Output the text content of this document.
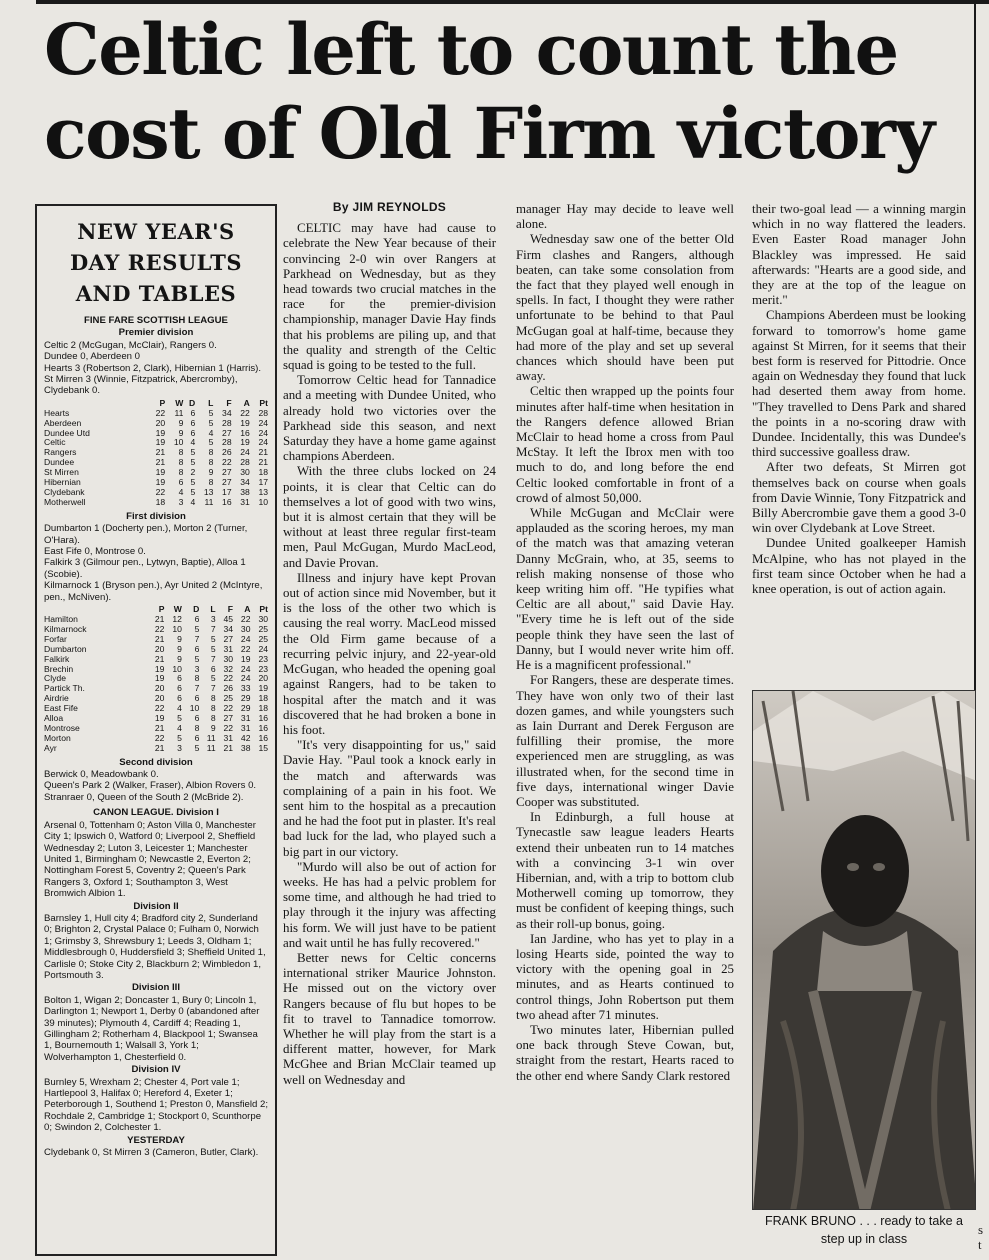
Celtic left to count the cost of Old Firm victory
NEW YEAR'S
DAY RESULTS
AND TABLES
FINE FARE SCOTTISH LEAGUE
Premier division

Celtic 2 (McGugan, McClair), Rangers 0.

Dundee 0, Aberdeen 0

Hearts 3 (Robertson 2, Clark), Hibernian 1 (Harris).

St Mirren 3 (Winnie, Fitzpatrick, Abercromby), Clydebank 0.

	P	W	D	L	F	A	Pt
Hearts	22	11	6	5	34	22	28
Aberdeen	20	9	6	5	28	19	24
Dundee Utd	19	9	6	4	27	16	24
Celtic	19	10	4	5	28	19	24
Rangers	21	8	5	8	26	24	21
Dundee	21	8	5	8	22	28	21
St Mirren	19	8	2	9	27	30	18
Hibernian	19	6	5	8	27	34	17
Clydebank	22	4	5	13	17	38	13
Motherwell	18	3	4	11	16	31	10
First division

Dumbarton 1 (Docherty pen.), Morton 2 (Turner, O'Hara).

East Fife 0, Montrose 0.

Falkirk 3 (Gilmour pen., Lytwyn, Baptie), Alloa 1 (Scobie).

Kilmarnock 1 (Bryson pen.), Ayr United 2 (McIntyre, pen., McNiven).

	P	W	D	L	F	A	Pt
Hamilton	21	12	6	3	45	22	30
Kilmarnock	22	10	5	7	34	30	25
Forfar	21	9	7	5	27	24	25
Dumbarton	20	9	6	5	31	22	24
Falkirk	21	9	5	7	30	19	23
Brechin	19	10	3	6	32	24	23
Clyde	19	6	8	5	22	24	20
Partick Th.	20	6	7	7	26	33	19
Airdrie	20	6	6	8	25	29	18
East Fife	22	4	10	8	22	29	18
Alloa	19	5	6	8	27	31	16
Montrose	21	4	8	9	22	31	16
Morton	22	5	6	11	31	42	16
Ayr	21	3	5	11	21	38	15
Second division

Berwick 0, Meadowbank 0.

Queen's Park 2 (Walker, Fraser), Albion Rovers 0.

Stranraer 0, Queen of the South 2 (McBride 2).

CANON LEAGUE. Division I

Arsenal 0, Tottenham 0; Aston Villa 0, Manchester City 1; Ipswich 0, Watford 0; Liverpool 2, Sheffield Wednesday 2; Luton 3, Leicester 1; Manchester United 1, Birmingham 0; Newcastle 2, Everton 2; Nottingham Forest 5, Coventry 2; Queen's Park Rangers 3, Oxford 1; Southampton 3, West Bromwich Albion 1.

Division II

Barnsley 1, Hull city 4; Bradford city 2, Sunderland 0; Brighton 2, Crystal Palace 0; Fulham 0, Norwich 1; Grimsby 3, Shrewsbury 1; Leeds 3, Oldham 1; Middlesbrough 0, Huddersfield 3; Sheffield United 1, Carlisle 0; Stoke City 2, Blackburn 2; Wimbledon 1, Portsmouth 3.

Division III

Bolton 1, Wigan 2; Doncaster 1, Bury 0; Lincoln 1, Darlington 1; Newport 1, Derby 0 (abandoned after 39 minutes); Plymouth 4, Cardiff 4; Reading 1, Gillingham 2; Rotherham 4, Blackpool 1; Swansea 1, Bournemouth 1; Walsall 3, York 1; Wolverhampton 1, Chesterfield 0.

Division IV

Burnley 5, Wrexham 2; Chester 4, Port vale 1; Hartlepool 3, Halifax 0; Hereford 4, Exeter 1; Peterborough 1, Southend 1; Preston 0, Mansfield 2; Rochdale 2, Cambridge 1; Stockport 0, Scunthorpe 0; Swindon 2, Colchester 1.

YESTERDAY

Clydebank 0, St Mirren 3 (Cameron, Butler, Clark).

By JIM REYNOLDS

CELTIC may have had cause to celebrate the New Year because of their convincing 2-0 win over Rangers at Parkhead on Wednesday, but as they head towards two crucial matches in the race for the premier-division championship, manager Davie Hay finds that his problems are piling up, and that the quality and strength of the Celtic squad is going to be tested to the full.

Tomorrow Celtic head for Tannadice and a meeting with Dundee United, who already hold two victories over the Parkhead side this season, and next Saturday they have a home game against champions Aberdeen.

With the three clubs locked on 24 points, it is clear that Celtic can do themselves a lot of good with two wins, but it is almost certain that they will be without at least three regular first-team men, Paul McGugan, Murdo MacLeod, and Davie Provan.

Illness and injury have kept Provan out of action since mid November, but it is the loss of the other two which is causing the real worry. MacLeod missed the Old Firm game because of a recurring pelvic injury, and 22-year-old McGugan, who headed the opening goal against Rangers, had to be taken to hospital after the match and it was discovered that he had broken a bone in his foot.

"It's very disappointing for us," said Davie Hay. "Paul took a knock early in the match and afterwards was complaining of a pain in his foot. We sent him to the hospital as a precaution and he had the foot put in plaster. It's real bad luck for the lad, who played such a big part in our victory.

"Murdo will also be out of action for weeks. He has had a pelvic problem for some time, and although he had tried to play through it the injury was affecting his form. We will just have to be patient and wait until he has fully recovered."

Better news for Celtic concerns international striker Maurice Johnston. He missed out on the victory over Rangers because of flu but hopes to be fit to travel to Tannadice tomorrow. Whether he will play from the start is a different matter, however, for Mark McGhee and Brian McClair teamed up well on Wednesday and

manager Hay may decide to leave well alone.

Wednesday saw one of the better Old Firm clashes and Rangers, although beaten, can take some consolation from the fact that they played well enough in spells. In fact, I thought they were rather unfortunate to be behind to that Paul McGugan goal at half-time, because they had more of the play and set up several chances which should have been put away.

Celtic then wrapped up the points four minutes after half-time when hesitation in the Rangers defence allowed Brian McClair to head home a cross from Paul McStay. It left the Ibrox men with too much to do, and long before the end Celtic looked comfortable in front of a crowd of almost 50,000.

While McGugan and McClair were applauded as the scoring heroes, my man of the match was that amazing veteran Danny McGrain, who, at 35, seems to relish making nonsense of those who keep writing him off. "He typifies what Celtic are all about," said Davie Hay. "Every time he is left out of the side people think they have seen the last of Danny, but I would never write him off. He is a magnificent professional."

For Rangers, these are desperate times. They have won only two of their last dozen games, and while youngsters such as Iain Durrant and Derek Ferguson are fulfilling their promise, the more experienced men are struggling, as was illustrated when, for the second time in five days, international winger Davie Cooper was substituted.

In Edinburgh, a full house at Tynecastle saw league leaders Hearts extend their unbeaten run to 14 matches with a convincing 3-1 win over Hibernian, and, with a trip to bottom club Motherwell coming up tomorrow, they must be confident of keeping things, such as their roll-up bonus, going.

Ian Jardine, who has yet to play in a losing Hearts side, pointed the way to victory with the opening goal in 25 minutes, and as Hearts continued to control things, John Robertson put them two ahead after 71 minutes.

Two minutes later, Hibernian pulled one back through Steve Cowan, but, straight from the restart, Hearts raced to the other end where Sandy Clark restored

their two-goal lead — a winning margin which in no way flattered the leaders. Even Easter Road manager John Blackley was impressed. He said afterwards: "Hearts are a good side, and they are at the top of the league on merit."

Champions Aberdeen must be looking forward to tomorrow's home game against St Mirren, for it seems that their best form is reserved for Pittodrie. Once again on Wednesday they found that luck had deserted them away from home. "They travelled to Dens Park and shared the points in a no-scoring draw with Dundee. Incidentally, this was Dundee's third successive goalless draw.

After two defeats, St Mirren got themselves back on course when goals from Davie Winnie, Tony Fitzpatrick and Billy Abercrombie gave them a good 3-0 win over Clydebank at Love Street.

Dundee United goalkeeper Hamish McAlpine, who has not played in the first team since October when he had a knee operation, is out of action again.

FRANK BRUNO . . . ready to take a step up in class
s
t
